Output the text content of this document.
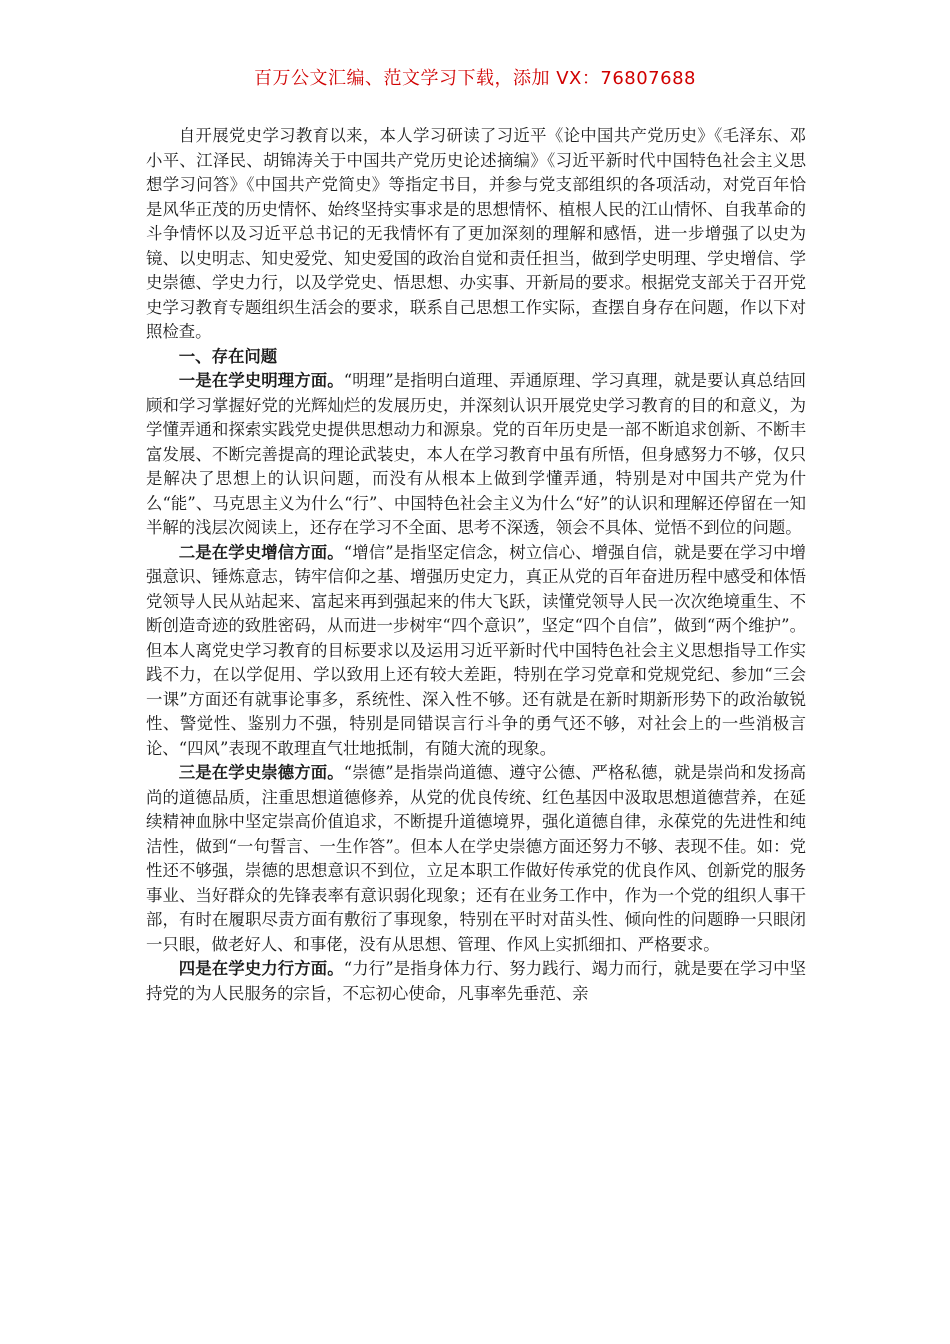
百万公文汇编、范文学习下载，添加 VX：76807688

自开展党史学习教育以来，本人学习研读了习近平《论中国共产党历史》《毛泽东、邓小平、江泽民、胡锦涛关于中国共产党历史论述摘编》《习近平新时代中国特色社会主义思想学习问答》《中国共产党简史》等指定书目，并参与党支部组织的各项活动，对党百年恰是风华正茂的历史情怀、始终坚持实事求是的思想情怀、植根人民的江山情怀、自我革命的斗争情怀以及习近平总书记的无我情怀有了更加深刻的理解和感悟，进一步增强了以史为镜、以史明志、知史爱党、知史爱国的政治自觉和责任担当，做到学史明理、学史增信、学史崇德、学史力行，以及学党史、悟思想、办实事、开新局的要求。根据党支部关于召开党史学习教育专题组织生活会的要求，联系自己思想工作实际，查摆自身存在问题，作以下对照检查。

一、存在问题

一是在学史明理方面。“明理”是指明白道理、弄通原理、学习真理，就是要认真总结回顾和学习掌握好党的光辉灿烂的发展历史，并深刻认识开展党史学习教育的目的和意义，为学懂弄通和探索实践党史提供思想动力和源泉。党的百年历史是一部不断追求创新、不断丰富发展、不断完善提高的理论武装史，本人在学习教育中虽有所悟，但身感努力不够，仅只是解决了思想上的认识问题，而没有从根本上做到学懂弄通，特别是对中国共产党为什么“能”、马克思主义为什么“行”、中国特色社会主义为什么“好”的认识和理解还停留在一知半解的浅层次阅读上，还存在学习不全面、思考不深透，领会不具体、觉悟不到位的问题。

二是在学史增信方面。“增信”是指坚定信念，树立信心、增强自信，就是要在学习中增强意识、锤炼意志，铸牢信仰之基、增强历史定力，真正从党的百年奋进历程中感受和体悟党领导人民从站起来、富起来再到强起来的伟大飞跃，读懂党领导人民一次次绝境重生、不断创造奇迹的致胜密码，从而进一步树牢“四个意识”，坚定“四个自信”，做到“两个维护”。但本人离党史学习教育的目标要求以及运用习近平新时代中国特色社会主义思想指导工作实践不力，在以学促用、学以致用上还有较大差距，特别在学习党章和党规党纪、参加“三会一课”方面还有就事论事多，系统性、深入性不够。还有就是在新时期新形势下的政治敏锐性、警觉性、鉴别力不强，特别是同错误言行斗争的勇气还不够，对社会上的一些消极言论、“四风”表现不敢理直气壮地抵制，有随大流的现象。

三是在学史崇德方面。“崇德”是指崇尚道德、遵守公德、严格私德，就是崇尚和发扬高尚的道德品质，注重思想道德修养，从党的优良传统、红色基因中汲取思想道德营养，在延续精神血脉中坚定崇高价值追求，不断提升道德境界，强化道德自律，永葆党的先进性和纯洁性，做到“一句誓言、一生作答”。但本人在学史崇德方面还努力不够、表现不佳。如：党性还不够强，崇德的思想意识不到位，立足本职工作做好传承党的优良作风、创新党的服务事业、当好群众的先锋表率有意识弱化现象；还有在业务工作中，作为一个党的组织人事干部，有时在履职尽责方面有敷衍了事现象，特别在平时对苗头性、倾向性的问题睁一只眼闭一只眼，做老好人、和事佬，没有从思想、管理、作风上实抓细扣、严格要求。

四是在学史力行方面。“力行”是指身体力行、努力践行、竭力而行，就是要在学习中坚持党的为人民服务的宗旨，不忘初心使命，凡事率先垂范、亲
